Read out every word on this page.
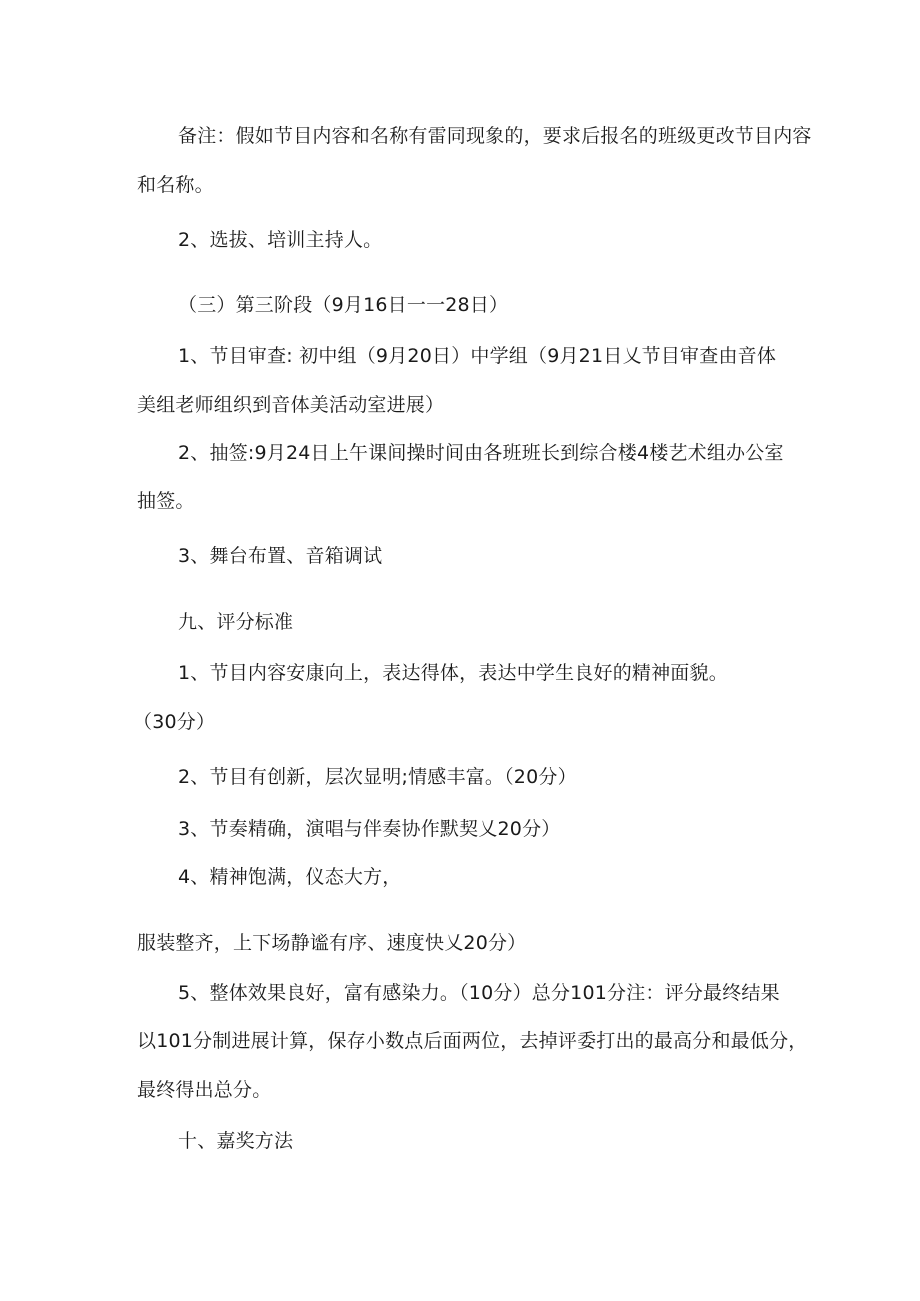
备注：假如节目内容和名称有雷同现象的，要求后报名的班级更改节目内容
和名称。
2、选拔、培训主持人。
（三）第三阶段（9月16日一一28日）
1、节目审查: 初中组（9月20日）中学组（9月21日乂节目审查由音体
美组老师组织到音体美活动室进展）
2、抽签:9月24日上午课间操时间由各班班长到综合楼4楼艺术组办公室
抽签。
3、舞台布置、音箱调试
九、评分标准
1、节目内容安康向上，表达得体，表达中学生良好的精神面貌。
（30分）
2、节目有创新，层次显明;情感丰富。（20分）
3、节奏精确，演唱与伴奏协作默契乂20分）
4、精神饱满，仪态大方，
服装整齐，上下场静谧有序、速度快乂20分）
5、整体效果良好，富有感染力。（10分）总分101分注：评分最终结果
以101分制进展计算，保存小数点后面两位，去掉评委打出的最高分和最低分，
最终得出总分。
十、嘉奖方法
